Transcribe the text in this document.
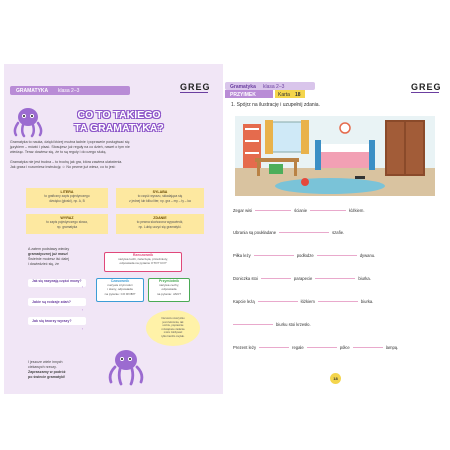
GRAMATYKA klasa 2–3	GREG
CO TO TAKIEGO
TA GRAMATYKA?
Gramatyka to nauka, dzięki której można ładnie i poprawnie posługiwać się
językiem – mówić i pisać. Stosujesz już reguły na co dzień, nawet o tym nie
wiedząc. Teraz dowiesz się, że to są reguły i do czego służą.
Gramatyka nie jest trudna – to trochę jak gra, która zawiera ułatwienia.
Jak grasz i rozumiesz instrukcję ☺ No pewne już wiesz, co to jest:
LITERA
to graficzny zapis pojedynczego
dźwięku (głoski), np. A, B
SYLABA
to część wyrazu, składająca się
z jednej lub kilku liter, np. gra – my – ty – ka
WYRAZ
to zapis pojedynczego słowa,
np. gramatyka
ZDANIE
to pewna skończona wypowiedź,
np. Lubię uczyć się gramatyki.
A zatem podstawy wiedzy
gramatycznej już masz!
Świetnie możesz iść dalej
i dowiedzieć się, że
Jak się nazywają części mowy?
›
Jakie są rodzaje zdań?
›
Jak się tworzy wyrazy?
›
I jeszcze wiele innych
ciekawych rzeczy.
Zapraszamy w podróż
po świecie gramatyki!
Rzeczownik
nazywa ludzi, zwierzęta, przedmioty,
odpowiada na pytania: KTO? CO?
Czasownik
nazywa czynności
i stany, odpowiada
na pytanie: CO ROBI?
Przymiotnik
nazywa cechy,
odpowiada
na pytanie: JAKI?
Na końcu zeszyciku
jest ćwiczenia, tak
uczniu, poprawnie
rozwiązane zadania
może zdobywać
tylko bardzo zwykłe.
Gramatyka klasa 2–3
PRZYIMEK	Karta 18
GREG
1. Spójrz na ilustrację i uzupełnij zdania.
Zegar wisi	ścianie	łóżkiem.
Ubrania są poukładane	szafie.
Piłka leży	podłodze	dywanu.
Doniczka stoi	parapecie	biurka.
Kapcie leżą	łóżkiem	biurka.
biurku stoi krzesło.
Prezent leży	regale	półce	lampą.
18
